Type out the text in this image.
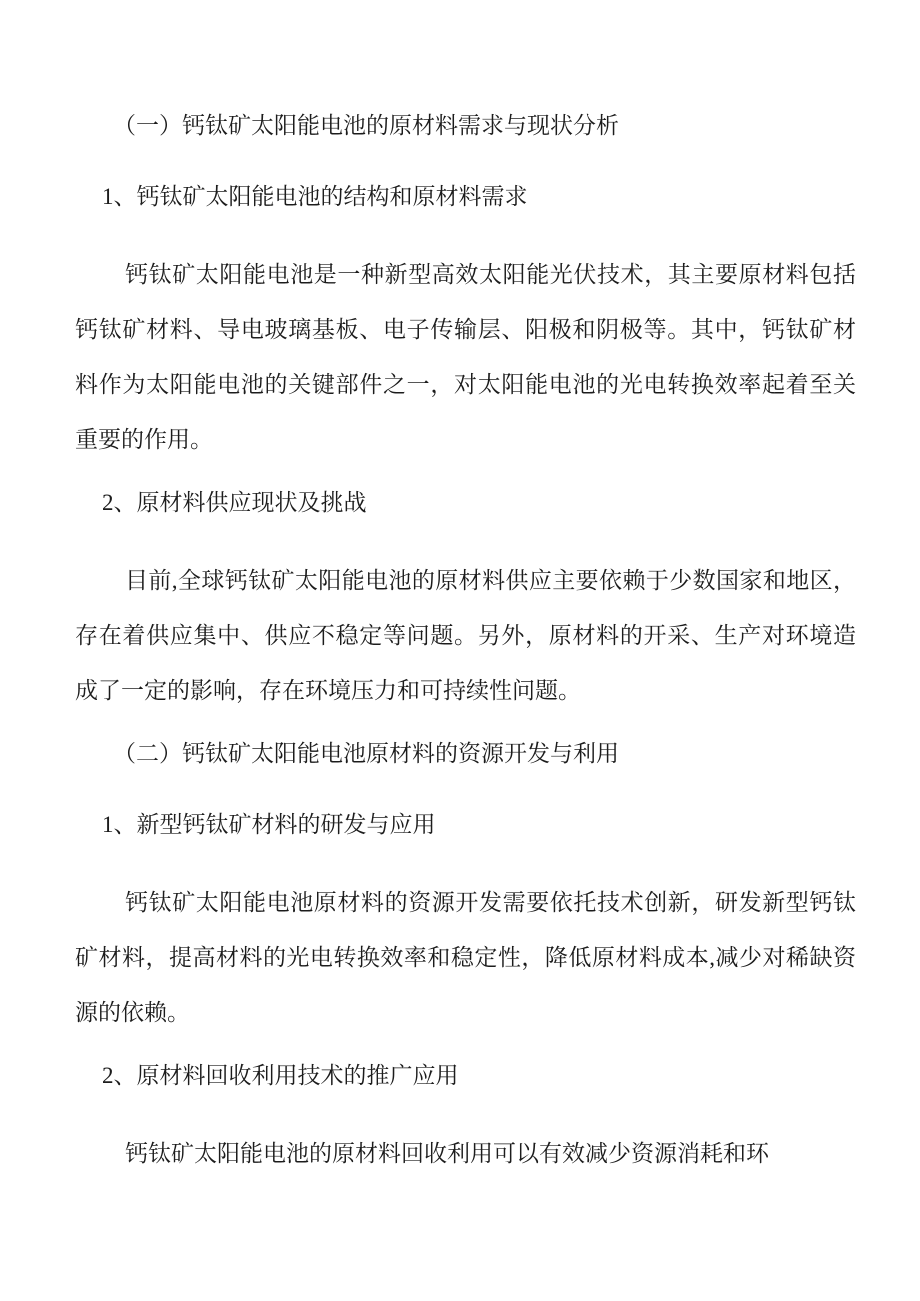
（一）钙钛矿太阳能电池的原材料需求与现状分析
1、钙钛矿太阳能电池的结构和原材料需求
钙钛矿太阳能电池是一种新型高效太阳能光伏技术，其主要原材料包括钙钛矿材料、导电玻璃基板、电子传输层、阳极和阴极等。其中，钙钛矿材料作为太阳能电池的关键部件之一，对太阳能电池的光电转换效率起着至关重要的作用。
2、原材料供应现状及挑战
目前,全球钙钛矿太阳能电池的原材料供应主要依赖于少数国家和地区，存在着供应集中、供应不稳定等问题。另外，原材料的开采、生产对环境造成了一定的影响，存在环境压力和可持续性问题。
（二）钙钛矿太阳能电池原材料的资源开发与利用
1、新型钙钛矿材料的研发与应用
钙钛矿太阳能电池原材料的资源开发需要依托技术创新，研发新型钙钛矿材料，提高材料的光电转换效率和稳定性，降低原材料成本,减少对稀缺资源的依赖。
2、原材料回收利用技术的推广应用
钙钛矿太阳能电池的原材料回收利用可以有效减少资源消耗和环
